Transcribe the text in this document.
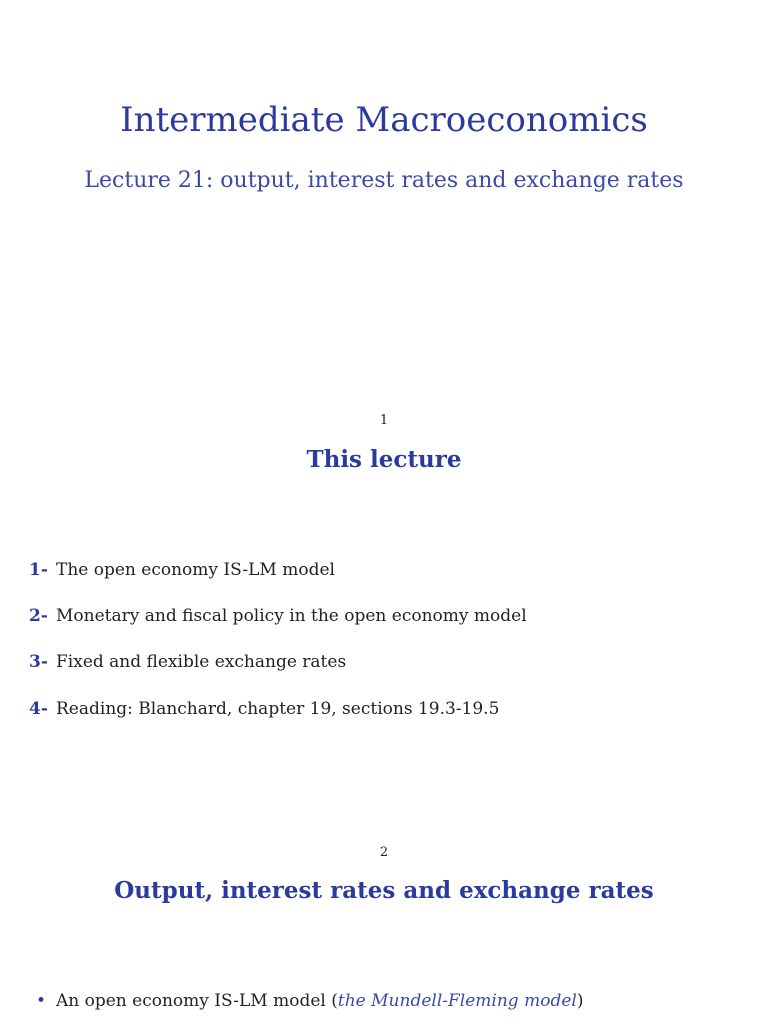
Intermediate Macroeconomics
Lecture 21: output, interest rates and exchange rates
1
This lecture
1- The open economy IS-LM model
2- Monetary and fiscal policy in the open economy model
3- Fixed and flexible exchange rates
4- Reading: Blanchard, chapter 19, sections 19.3-19.5
2
Output, interest rates and exchange rates
• An open economy IS-LM model (the Mundell-Fleming model)
